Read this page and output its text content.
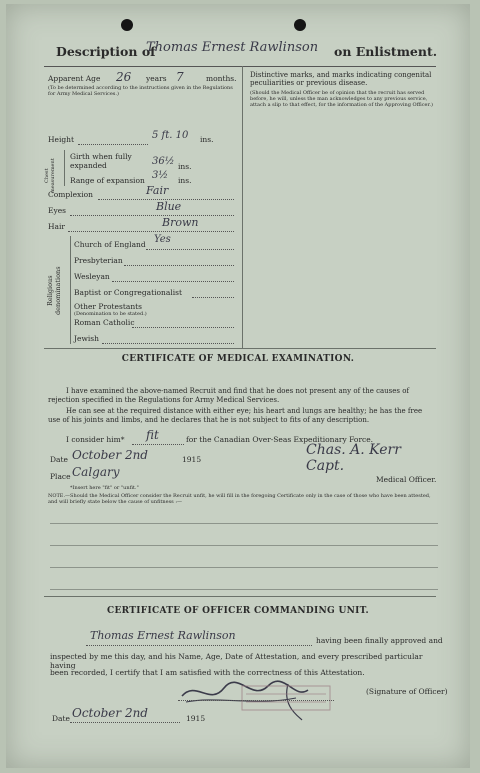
Description of
Thomas Ernest Rawlinson	on Enlistment.
Apparent Age 26 years 7	months.
(To be determined according to the instructions given in the Regulations for Army Medical Services.)
Distinctive marks, and marks indicating congenital peculiarities or previous disease.
(Should the Medical Officer be of opinion that the recruit has served before, he will, unless the man acknowledges to any previous service, attach a slip to that effect, for the information of the Approving Officer.)
Height	5 ft. 10 ins.
Chest measurement
Girth when fully expanded	36½ ins.
Range of expansion 3½ ins.
Complexion	Fair
Eyes	Blue
Hair	Brown
Religious denominations
Church of England Yes
Presbyterian
Wesleyan
Baptist or Congregationalist
Other Protestants
(Denomination to be stated.)
Roman Catholic
Jewish
CERTIFICATE OF MEDICAL EXAMINATION.
I have examined the above-named Recruit and find that he does not present any of the causes of rejection specified in the Regulations for Army Medical Services.
He can see at the required distance with either eye; his heart and lungs are healthy; he has the free use of his joints and limbs, and he declares that he is not subject to fits of any description.
I consider him* fit	for the Canadian Over-Seas Expeditionary Force.
Date October 2nd	1915
Chas. A. Kerr Capt.
Place Calgary
Medical Officer.
*Insert here "fit" or "unfit."
NOTE.—Should the Medical Officer consider the Recruit unfit, he will fill in the foregoing Certificate only in the case of those who have been attested, and will briefly state below the cause of unfitness :—
CERTIFICATE OF OFFICER COMMANDING UNIT.
Thomas Ernest Rawlinson	having been finally approved and
inspected by me this day, and his Name, Age, Date of Attestation, and every prescribed particular having
been recorded, I certify that I am satisfied with the correctness of this Attestation.
(Signature of Officer)
Date October 2nd	1915
